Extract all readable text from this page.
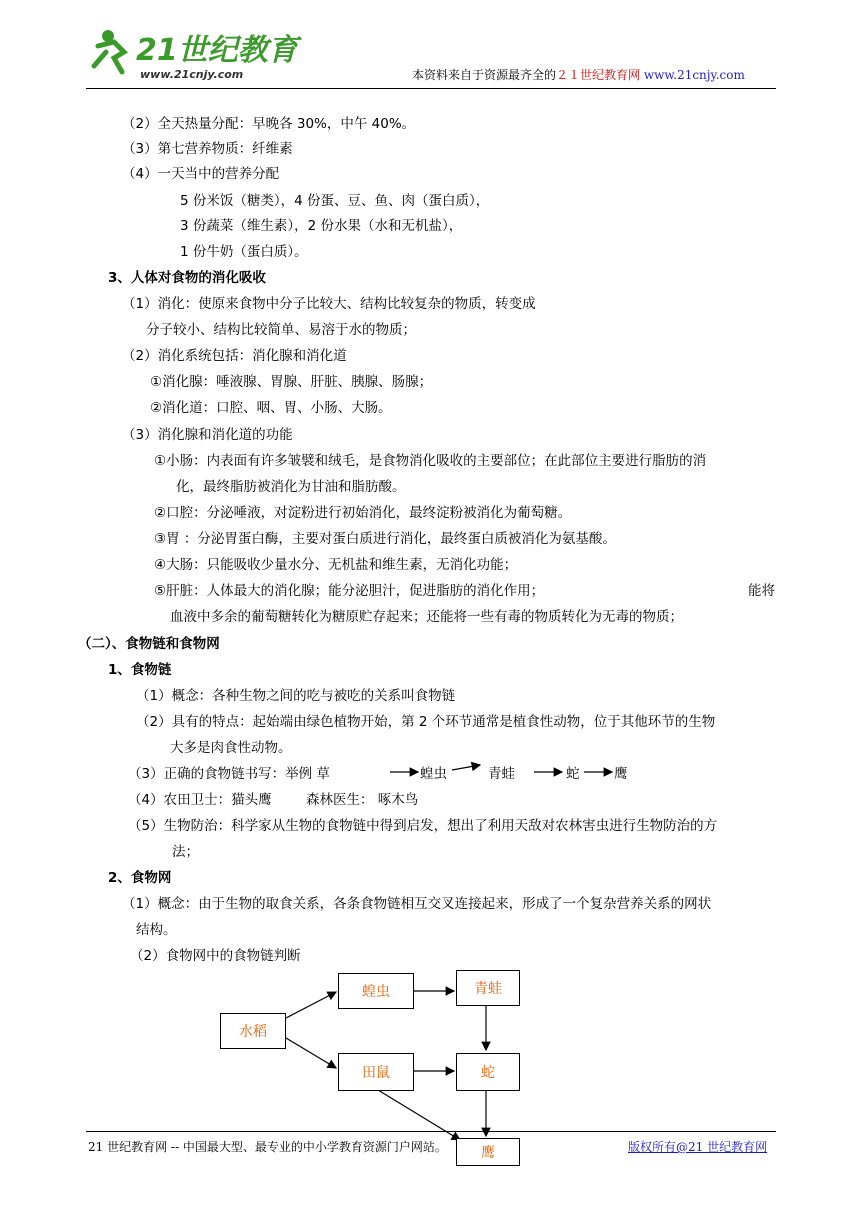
21世纪教育
www.21cnjy.com	本资料来自于资源最齐全的２１世纪教育网 www.21cnjy.com
（2）全天热量分配：早晚各 30%，中午 40%。
（3）第七营养物质：纤维素
（4）一天当中的营养分配
5 份米饭（糖类），4 份蛋、豆、鱼、肉（蛋白质），
3 份蔬菜（维生素），2 份水果（水和无机盐），
1 份牛奶（蛋白质）。
3、人体对食物的消化吸收
（1）消化：使原来食物中分子比较大、结构比较复杂的物质，转变成
分子较小、结构比较简单、易溶于水的物质；
（2）消化系统包括：消化腺和消化道
①消化腺：唾液腺、胃腺、肝脏、胰腺、肠腺；
②消化道：口腔、咽、胃、小肠、大肠。
（3）消化腺和消化道的功能
①小肠：内表面有许多皱襞和绒毛，是食物消化吸收的主要部位；在此部位主要进行脂肪的消
化，最终脂肪被消化为甘油和脂肪酸。
②口腔：分泌唾液，对淀粉进行初始消化，最终淀粉被消化为葡萄糖。
③胃 ：分泌胃蛋白酶，主要对蛋白质进行消化，最终蛋白质被消化为氨基酸。
④大肠：只能吸收少量水分、无机盐和维生素，无消化功能；
⑤肝脏：人体最大的消化腺；能分泌胆汁，促进脂肪的消化作用；	能将
血液中多余的葡萄糖转化为糖原贮存起来；还能将一些有毒的物质转化为无毒的物质；
（二）、食物链和食物网
1、食物链
（1）概念：各种生物之间的吃与被吃的关系叫食物链
（2）具有的特点：起始端由绿色植物开始，第 2 个环节通常是植食性动物，位于其他环节的生物
大多是肉食性动物。
（3）正确的食物链书写：举例 草	蝗虫	青蛙	蛇	鹰
（4）农田卫士：猫头鹰	森林医生： 啄木鸟
（5）生物防治：科学家从生物的食物链中得到启发，想出了利用天敌对农林害虫进行生物防治的方
法；
2、食物网
（1）概念：由于生物的取食关系，各条食物链相互交叉连接起来，形成了一个复杂营养关系的网状
结构。
（2）食物网中的食物链判断
水稻
蝗虫	青蛙
田鼠	蛇
鹰
21 世纪教育网 -- 中国最大型、最专业的中小学教育资源门户网站。	版权所有@21 世纪教育网
